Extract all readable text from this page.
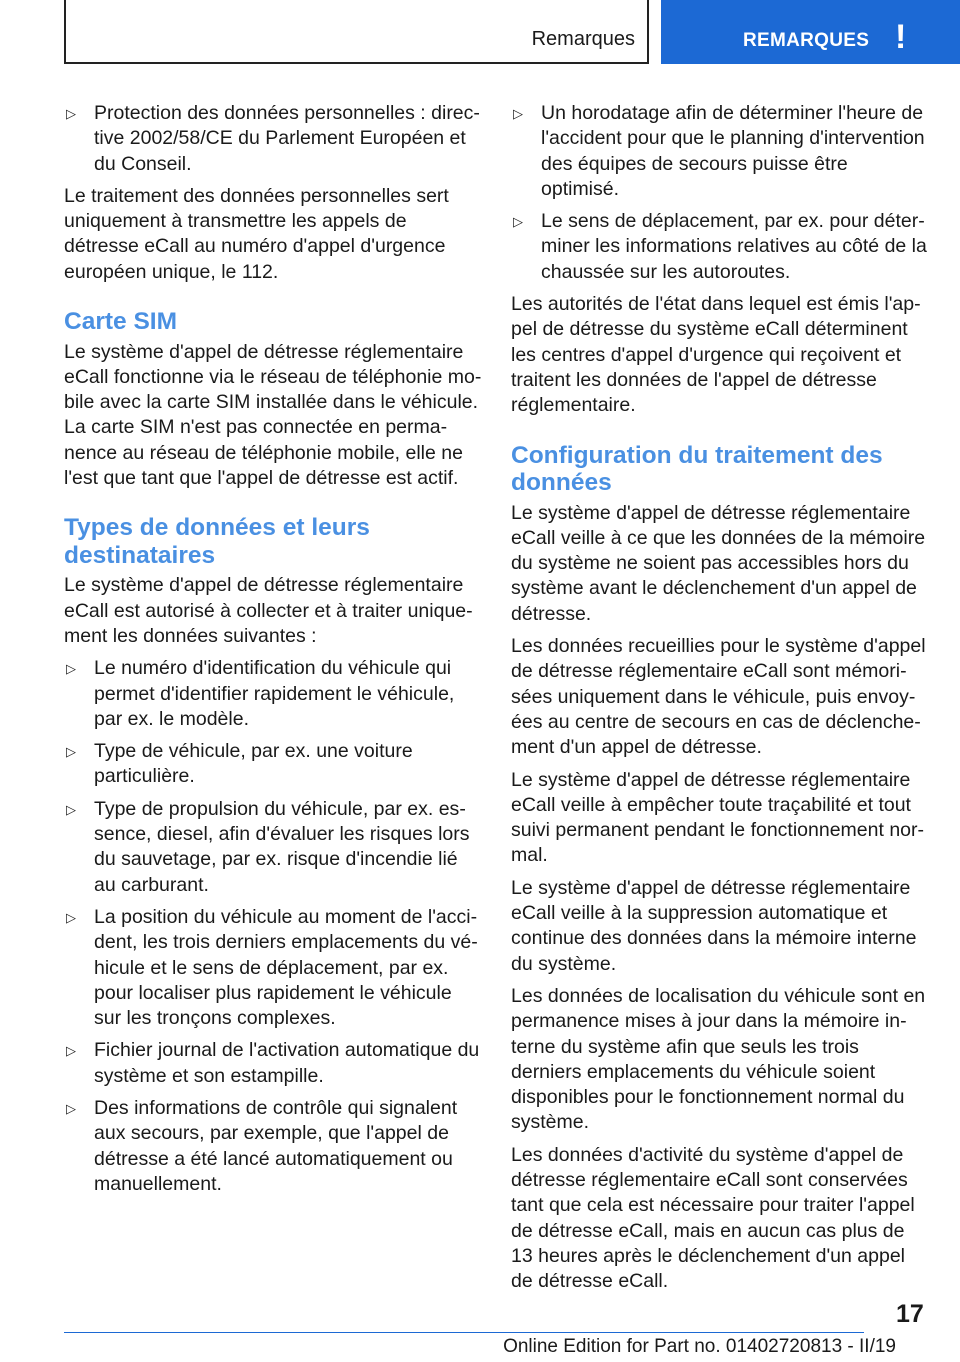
Remarques	REMARQUES !
▷ Protection des données personnelles : directive 2002/58/CE du Parlement Européen et du Conseil.

Le traitement des données personnelles sert uniquement à transmettre les appels de détresse eCall au numéro d'appel d'urgence européen unique, le 112.

Carte SIM

Le système d'appel de détresse réglementaire eCall fonctionne via le réseau de téléphonie mobile avec la carte SIM installée dans le véhicule. La carte SIM n'est pas connectée en permanence au réseau de téléphonie mobile, elle ne l'est que tant que l'appel de détresse est actif.

Types de données et leurs destinataires

Le système d'appel de détresse réglementaire eCall est autorisé à collecter et à traiter uniquement les données suivantes :

▷ Le numéro d'identification du véhicule qui permet d'identifier rapidement le véhicule, par ex. le modèle.
▷ Type de véhicule, par ex. une voiture particulière.
▷ Type de propulsion du véhicule, par ex. essence, diesel, afin d'évaluer les risques lors du sauvetage, par ex. risque d'incendie lié au carburant.
▷ La position du véhicule au moment de l'accident, les trois derniers emplacements du véhicule et le sens de déplacement, par ex. pour localiser plus rapidement le véhicule sur les tronçons complexes.
▷ Fichier journal de l'activation automatique du système et son estampille.
▷ Des informations de contrôle qui signalent aux secours, par exemple, que l'appel de détresse a été lancé automatiquement ou manuellement.
▷ Un horodatage afin de déterminer l'heure de l'accident pour que le planning d'intervention des équipes de secours puisse être optimisé.
▷ Le sens de déplacement, par ex. pour déterminer les informations relatives au côté de la chaussée sur les autoroutes.

Les autorités de l'état dans lequel est émis l'appel de détresse du système eCall déterminent les centres d'appel d'urgence qui reçoivent et traitent les données de l'appel de détresse réglementaire.

Configuration du traitement des données

Le système d'appel de détresse réglementaire eCall veille à ce que les données de la mémoire du système ne soient pas accessibles hors du système avant le déclenchement d'un appel de détresse.

Les données recueillies pour le système d'appel de détresse réglementaire eCall sont mémorisées uniquement dans le véhicule, puis envoyées au centre de secours en cas de déclenchement d'un appel de détresse.

Le système d'appel de détresse réglementaire eCall veille à empêcher toute traçabilité et tout suivi permanent pendant le fonctionnement normal.

Le système d'appel de détresse réglementaire eCall veille à la suppression automatique et continue des données dans la mémoire interne du système.

Les données de localisation du véhicule sont en permanence mises à jour dans la mémoire interne du système afin que seuls les trois derniers emplacements du véhicule soient disponibles pour le fonctionnement normal du système.

Les données d'activité du système d'appel de détresse réglementaire eCall sont conservées tant que cela est nécessaire pour traiter l'appel de détresse eCall, mais en aucun cas plus de 13 heures après le déclenchement d'un appel de détresse eCall.

17
Online Edition for Part no. 01402720813 - II/19
